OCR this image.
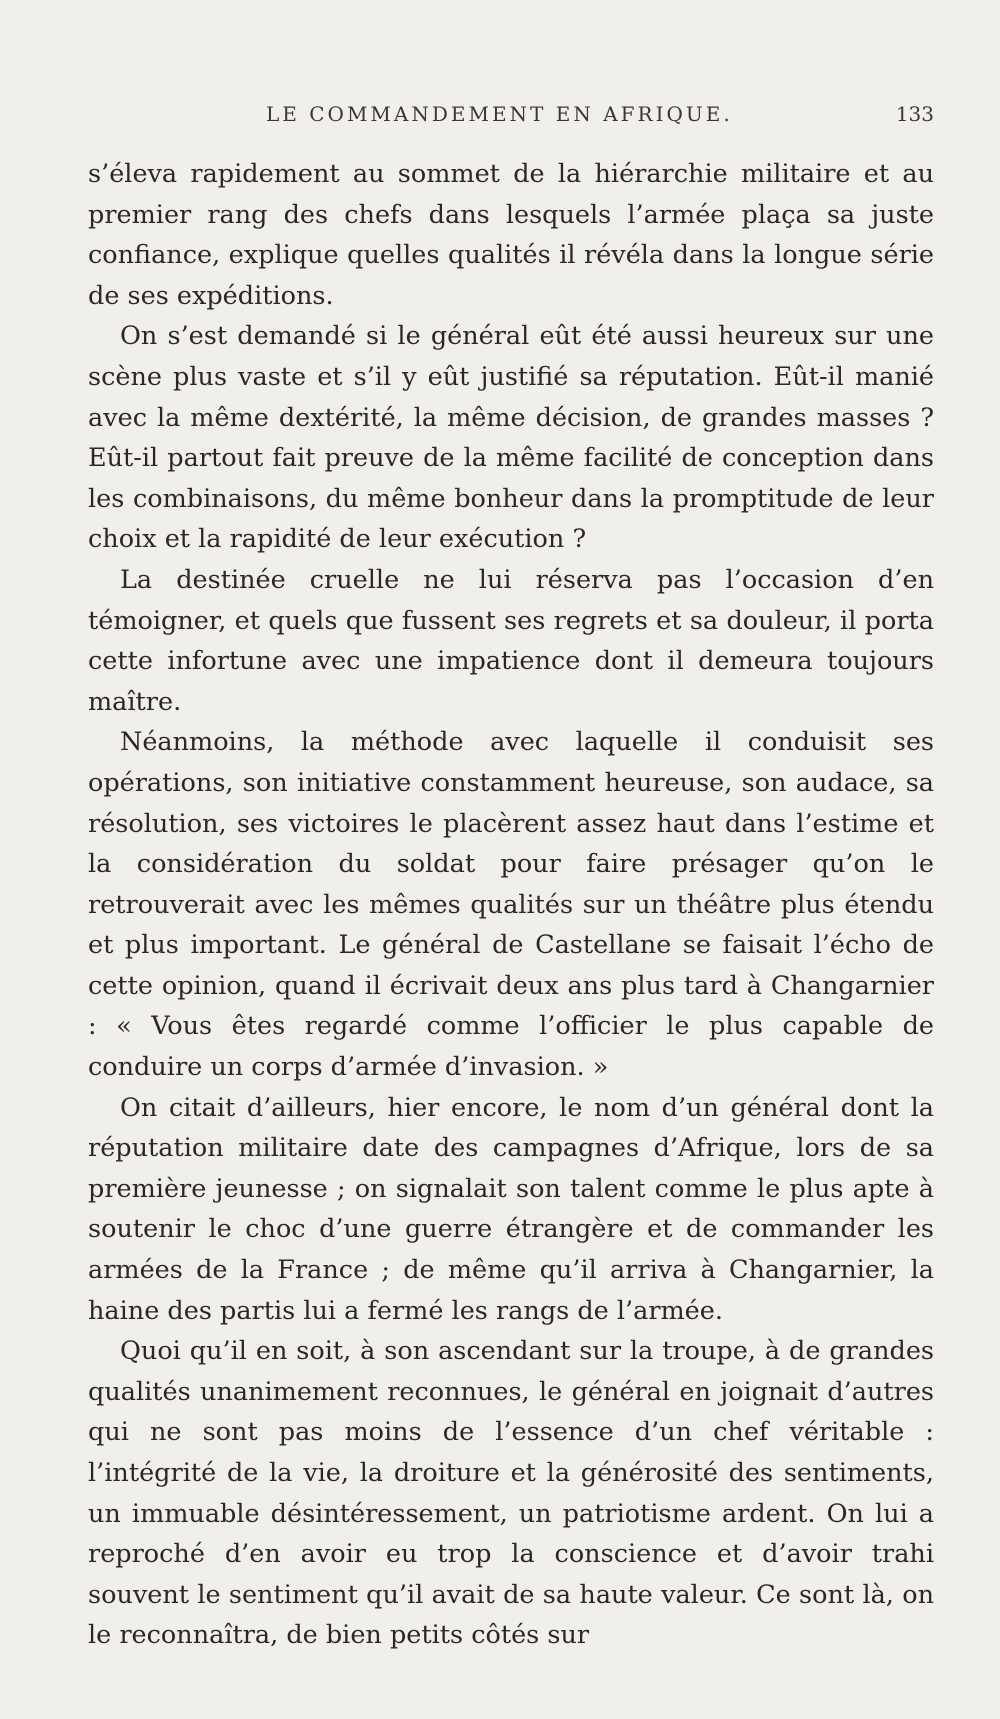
LE COMMANDEMENT EN AFRIQUE.	133

s’éleva rapidement au sommet de la hiérarchie militaire et au premier rang des chefs dans lesquels l’armée plaça sa juste confiance, explique quelles qualités il révéla dans la longue série de ses expéditions.

On s’est demandé si le général eût été aussi heureux sur une scène plus vaste et s’il y eût justifié sa réputation. Eût-il manié avec la même dextérité, la même décision, de grandes masses ? Eût-il partout fait preuve de la même facilité de conception dans les combinaisons, du même bonheur dans la promptitude de leur choix et la rapidité de leur exécution ?

La destinée cruelle ne lui réserva pas l’occasion d’en témoigner, et quels que fussent ses regrets et sa douleur, il porta cette infortune avec une impatience dont il demeura toujours maître.

Néanmoins, la méthode avec laquelle il conduisit ses opérations, son initiative constamment heureuse, son audace, sa résolution, ses victoires le placèrent assez haut dans l’estime et la considération du soldat pour faire présager qu’on le retrouverait avec les mêmes qualités sur un théâtre plus étendu et plus important. Le général de Castellane se faisait l’écho de cette opinion, quand il écrivait deux ans plus tard à Changarnier : « Vous êtes regardé comme l’officier le plus capable de conduire un corps d’armée d’invasion. »

On citait d’ailleurs, hier encore, le nom d’un général dont la réputation militaire date des campagnes d’Afrique, lors de sa première jeunesse ; on signalait son talent comme le plus apte à soutenir le choc d’une guerre étrangère et de commander les armées de la France ; de même qu’il arriva à Changarnier, la haine des partis lui a fermé les rangs de l’armée.

Quoi qu’il en soit, à son ascendant sur la troupe, à de grandes qualités unanimement reconnues, le général en joignait d’autres qui ne sont pas moins de l’essence d’un chef véritable : l’intégrité de la vie, la droiture et la générosité des sentiments, un immuable désintéressement, un patriotisme ardent. On lui a reproché d’en avoir eu trop la conscience et d’avoir trahi souvent le sentiment qu’il avait de sa haute valeur. Ce sont là, on le reconnaîtra, de bien petits côtés sur
